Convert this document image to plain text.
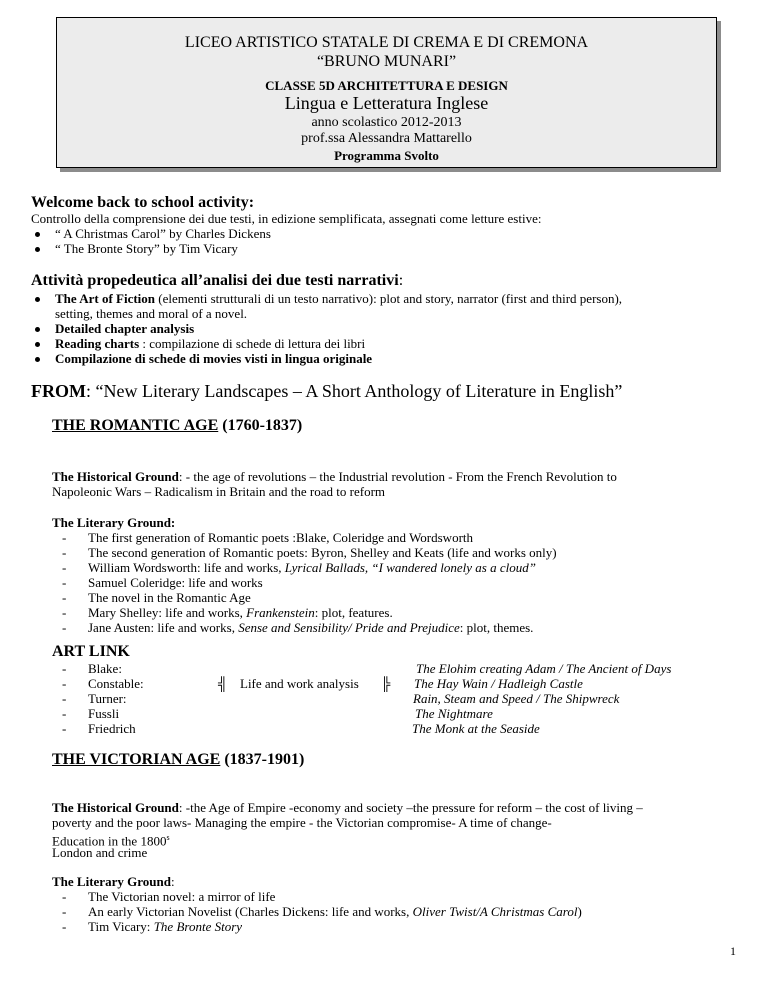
LICEO ARTISTICO STATALE DI CREMA E DI CREMONA
“BRUNO MUNARI”
CLASSE 5D ARCHITETTURA E DESIGN
Lingua e Letteratura Inglese
anno scolastico 2012-2013
prof.ssa Alessandra Mattarello
Programma Svolto
Welcome back to school activity:
Controllo della comprensione dei due testi, in edizione semplificata, assegnati come letture estive:
“ A Christmas Carol” by Charles Dickens
“ The Bronte Story” by Tim Vicary
Attività propedeutica all’analisi dei due testi narrativi:
The Art of Fiction (elementi strutturali di un testo narrativo): plot and story, narrator (first and third person),
setting, themes and moral of a novel.
Detailed chapter analysis
Reading charts : compilazione di schede di lettura dei libri
Compilazione di schede di movies visti in lingua originale
FROM: “New Literary Landscapes – A Short Anthology of Literature in English”
THE ROMANTIC AGE (1760-1837)
The Historical Ground: - the age of revolutions – the Industrial revolution - From the French Revolution to
Napoleonic Wars – Radicalism in Britain and the road to reform
The Literary Ground:
- The first generation of Romantic poets :Blake, Coleridge and Wordsworth
- The second generation of Romantic poets: Byron, Shelley and Keats (life and works only)
- William Wordsworth: life and works, Lyrical Ballads, “I wandered lonely as a cloud”
- Samuel Coleridge: life and works
- The novel in the Romantic Age
- Mary Shelley: life and works, Frankenstein: plot, features.
- Jane Austen: life and works, Sense and Sensibility/ Pride and Prejudice: plot, themes.
ART LINK
- Blake:
- Constable:
- Turner:
- Fussli
- Friedrich
╣ Life and work analysis ╠
The Elohim creating Adam / The Ancient of Days
The Hay Wain / Hadleigh Castle
Rain, Steam and Speed / The Shipwreck
The Nightmare
The Monk at the Seaside
THE VICTORIAN AGE (1837-1901)
The Historical Ground: -the Age of Empire -economy and society –the pressure for reform – the cost of living –
poverty and the poor laws- Managing the empire - the Victorian compromise- A time of change-
Education in the 1800$^s$
London and crime
The Literary Ground:
- The Victorian novel: a mirror of life
- An early Victorian Novelist (Charles Dickens: life and works, Oliver Twist/A Christmas Carol)
- Tim Vicary: The Bronte Story
1
